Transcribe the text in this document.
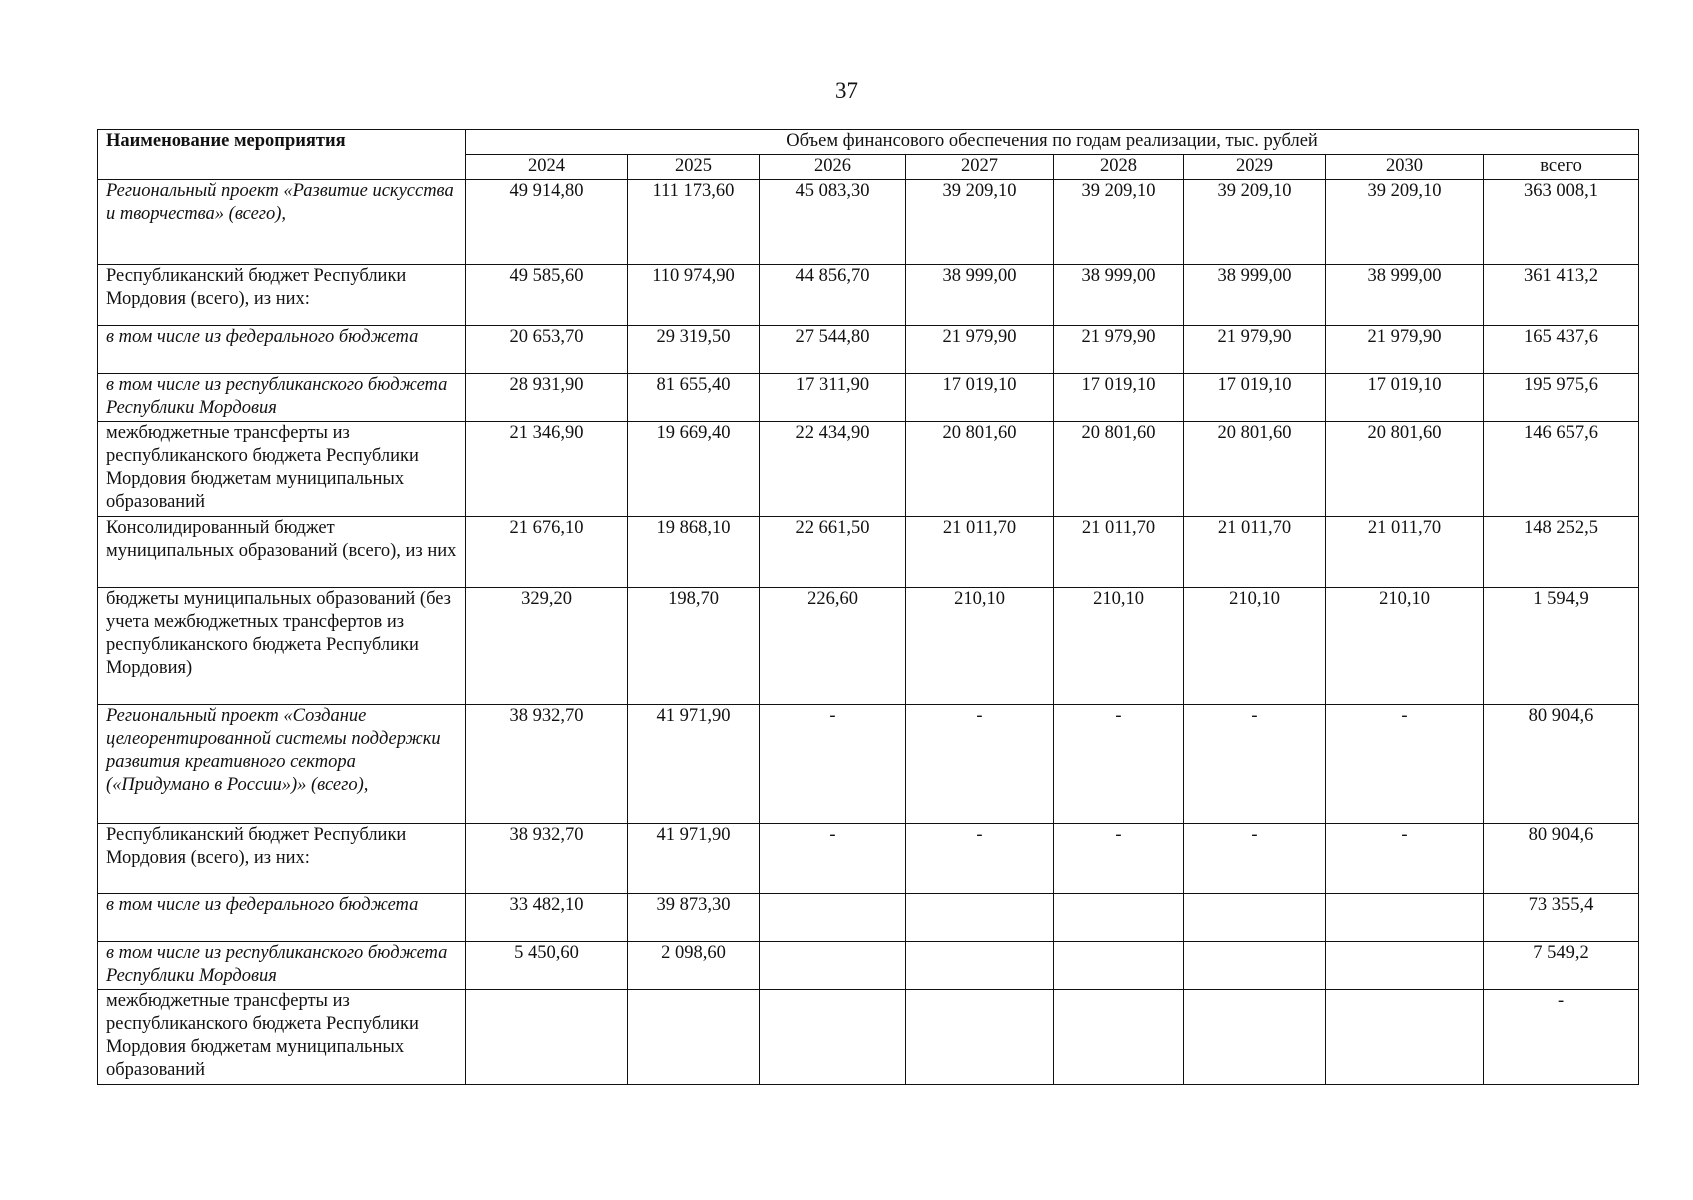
37
Наименование мероприятия	Объем финансового обеспечения по годам реализации, тыс. рублей							
	2024	2025	2026	2027	2028	2029	2030	всего
Региональный проект «Развитие искусства и творчества» (всего),	49 914,80	111 173,60	45 083,30	39 209,10	39 209,10	39 209,10	39 209,10	363 008,1
Республиканский бюджет Республики Мордовия (всего), из них:	49 585,60	110 974,90	44 856,70	38 999,00	38 999,00	38 999,00	38 999,00	361 413,2
в том числе из федерального бюджета	20 653,70	29 319,50	27 544,80	21 979,90	21 979,90	21 979,90	21 979,90	165 437,6
в том числе из республиканского бюджета Республики Мордовия	28 931,90	81 655,40	17 311,90	17 019,10	17 019,10	17 019,10	17 019,10	195 975,6
межбюджетные трансферты из республиканского бюджета Республики Мордовия бюджетам муниципальных образований	21 346,90	19 669,40	22 434,90	20 801,60	20 801,60	20 801,60	20 801,60	146 657,6
Консолидированный бюджет муниципальных образований (всего), из них	21 676,10	19 868,10	22 661,50	21 011,70	21 011,70	21 011,70	21 011,70	148 252,5
бюджеты муниципальных образований (без учета межбюджетных трансфертов из республиканского бюджета Республики Мордовия)	329,20	198,70	226,60	210,10	210,10	210,10	210,10	1 594,9
Региональный проект «Создание целеорентированной системы поддержки развития креативного сектора («Придумано в России»)» (всего),	38 932,70	41 971,90	-	-	-	-	-	80 904,6
Республиканский бюджет Республики Мордовия (всего), из них:	38 932,70	41 971,90	-	-	-	-	-	80 904,6
в том числе из федерального бюджета	33 482,10	39 873,30						73 355,4
в том числе из республиканского бюджета Республики Мордовия	5 450,60	2 098,60						7 549,2
межбюджетные трансферты из республиканского бюджета Республики Мордовия бюджетам муниципальных образований								-
